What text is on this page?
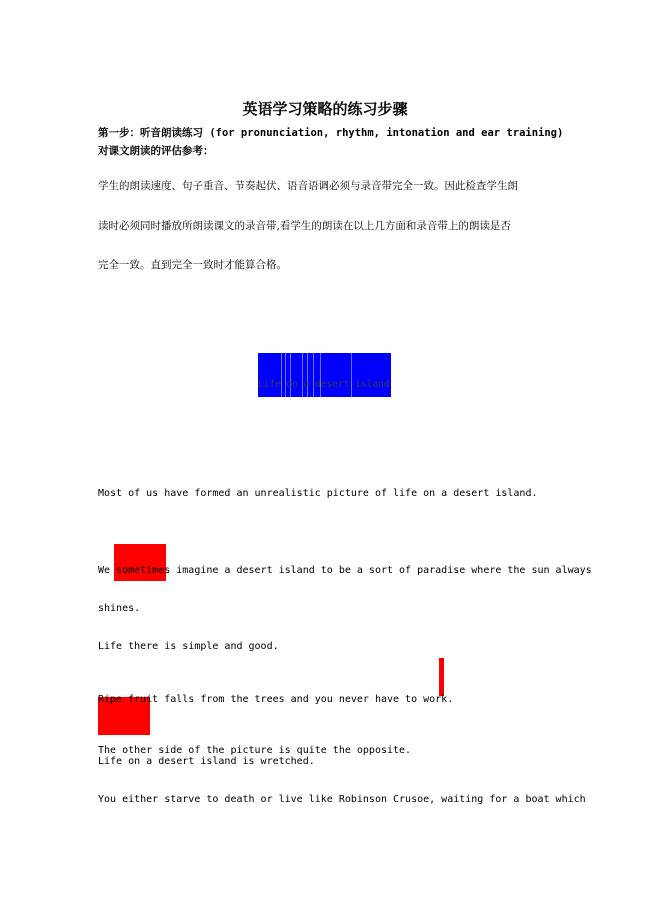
英语学习策略的练习步骤
第一步：听音朗读练习 (for pronunciation, rhythm, intonation and ear training)
对课文朗读的评估参考：
学生的朗读速度、句子重音、节奏起伏、语音语调必须与录音带完全一致。因此检查学生朗
读时必须同时播放所朗读课文的录音带,看学生的朗读在以上几方面和录音带上的朗读是否
完全一致。直到完全一致时才能算合格。
Life on a desert island
Most of us have formed an unrealistic picture of life on a desert island.
We sometimes imagine a desert island to be a sort of paradise where the sun always
shines.
Life there is simple and good.
Ripe fruit falls from the trees and you never have to work.
The other side of the picture is quite the opposite.
Life on a desert island is wretched.
You either starve to death or live like Robinson Crusoe, waiting for a boat which
